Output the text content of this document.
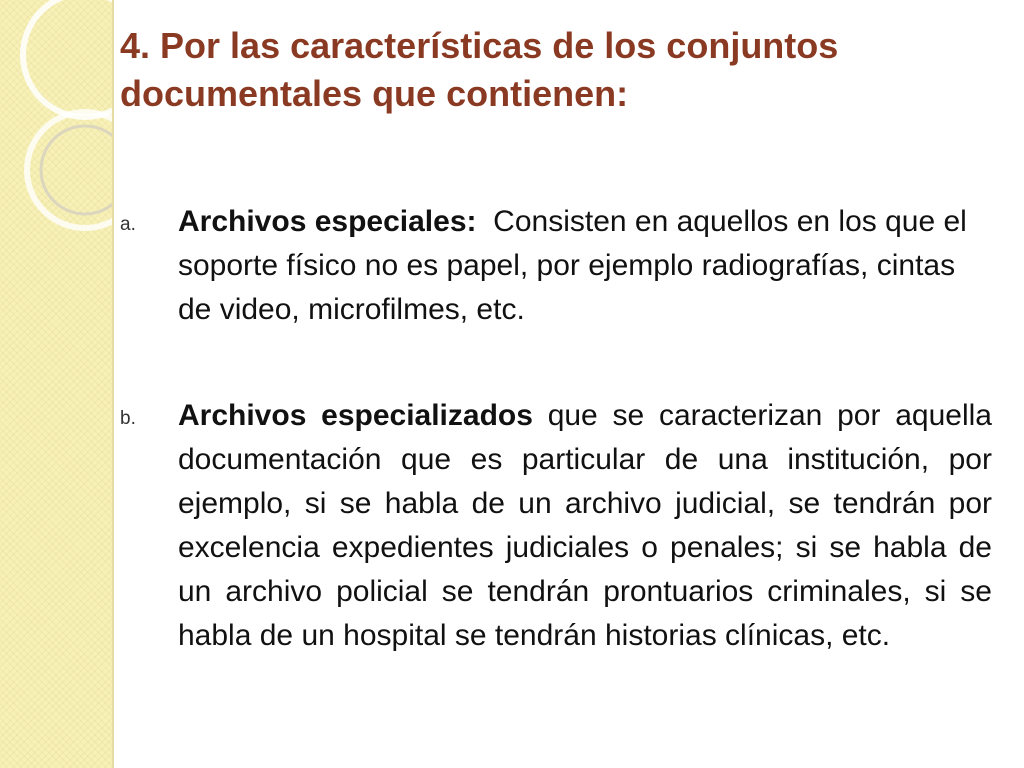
4. Por las características de los conjuntos documentales que contienen:
a. Archivos especiales: Consisten en aquellos en los que el soporte físico no es papel, por ejemplo radiografías, cintas de video, microfilmes, etc.
b. Archivos especializados que se caracterizan por aquella documentación que es particular de una institución, por ejemplo, si se habla de un archivo judicial, se tendrán por excelencia expedientes judiciales o penales; si se habla de un archivo policial se tendrán prontuarios criminales, si se habla de un hospital se tendrán historias clínicas, etc.
